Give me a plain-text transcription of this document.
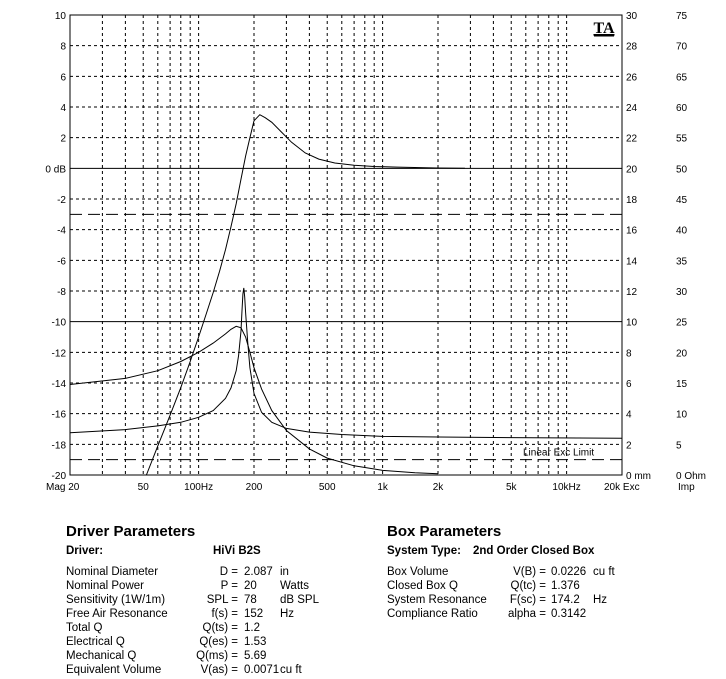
Linear Exc Limit
10
8
6
4
2
0 dB
-2
-4
-6
-8
-10
-12
-14
-16
-18
-20
30
28
26
24
22
20
18
16
14
12
10
8
6
4
2
0 mm
75
70
65
60
55
50
45
40
35
30
25
20
15
10
5
0 Ohm
Imp
Mag 20	50	100Hz	200	500	1k	2k	5k	10kHz 20k Exc
TA
Driver Parameters
Driver:	HiVi B2S
Nominal Diameter	D = 2.087 in
Nominal Power	P = 20 Watts
Sensitivity (1W/1m)	SPL = 78 dB SPL
Free Air Resonance	f(s) = 152 Hz
Total Q	Q(ts) = 1.2
Electrical Q	Q(es) = 1.53
Mechanical Q	Q(ms) = 5.69
Equivalent Volume	V(as) = 0.0071 cu ft
Box Parameters
System Type: 2nd Order Closed Box
Box Volume	V(B) = 0.0226 cu ft
Closed Box Q	Q(tc) = 1.376
System Resonance	F(sc) = 174.2 Hz
Compliance Ratio	alpha = 0.3142
